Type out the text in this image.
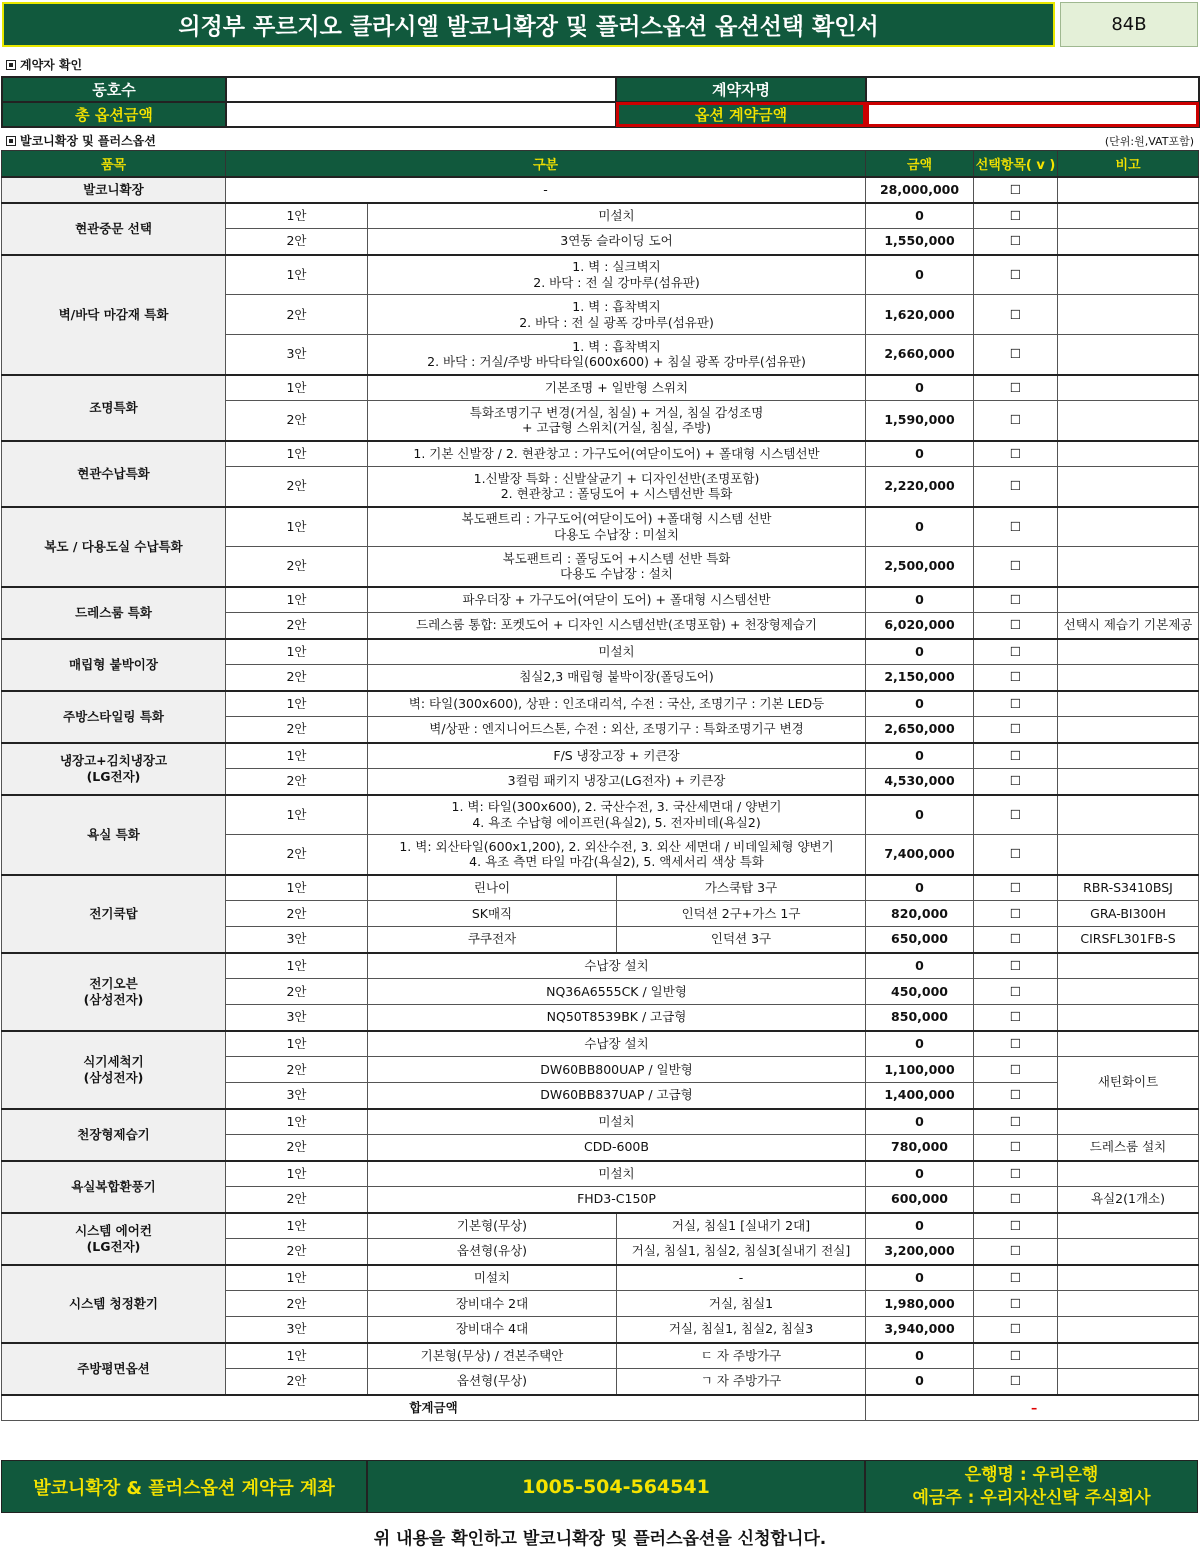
의정부 푸르지오 클라시엘 발코니확장 및 플러스옵션 옵션선택 확인서	84B
계약자 확인
동호수		계약자명	
총 옵션금액		옵션 계약금액	
발코니확장 및 플러스옵션	(단위:원,VAT포함)
품목	구분			금액	선택항목( v )	비고
발코니확장	-			28,000,000	☐	
현관중문 선택	1안	미설치		0	☐	
	2안	3연동 슬라이딩 도어		1,550,000	☐	
벽/바닥 마감재 특화	1안	1. 벽 : 실크벽지
2. 바닥 : 전 실 강마루(섬유판)		0	☐	
	2안	1. 벽 : 흡착벽지
2. 바닥 : 전 실 광폭 강마루(섬유판)		1,620,000	☐	
	3안	1. 벽 : 흡착벽지
2. 바닥 : 거실/주방 바닥타일(600x600) + 침실 광폭 강마루(섬유판)		2,660,000	☐	
조명특화	1안	기본조명 + 일반형 스위치		0	☐	
	2안	특화조명기구 변경(거실, 침실) + 거실, 침실 감성조명
+ 고급형 스위치(거실, 침실, 주방)		1,590,000	☐	
현관수납특화	1안	1. 기본 신발장 / 2. 현관창고 : 가구도어(여닫이도어) + 폴대형 시스템선반		0	☐	
	2안	1.신발장 특화 : 신발살균기 + 디자인선반(조명포함)
2. 현관창고 : 폴딩도어 + 시스템선반 특화		2,220,000	☐	
복도 / 다용도실 수납특화	1안	복도팬트리 : 가구도어(여닫이도어) +폴대형 시스템 선반
다용도 수납장 : 미설치		0	☐	
	2안	복도팬트리 : 폴딩도어 +시스템 선반 특화
다용도 수납장 : 설치		2,500,000	☐	
드레스룸 특화	1안	파우더장 + 가구도어(여닫이 도어) + 폴대형 시스템선반		0	☐	
	2안	드레스룸 통합: 포켓도어 + 디자인 시스템선반(조명포함) + 천장형제습기		6,020,000	☐	선택시 제습기 기본제공
매립형 붙박이장	1안	미설치		0	☐	
	2안	침실2,3 매립형 붙박이장(폴딩도어)		2,150,000	☐	
주방스타일링 특화	1안	벽: 타일(300x600), 상판 : 인조대리석, 수전 : 국산, 조명기구 : 기본 LED등		0	☐	
	2안	벽/상판 : 엔지니어드스톤, 수전 : 외산, 조명기구 : 특화조명기구 변경		2,650,000	☐	
냉장고+김치냉장고
(LG전자)	1안	F/S 냉장고장 + 키큰장		0	☐	
	2안	3컬럼 패키지 냉장고(LG전자) + 키큰장		4,530,000	☐	
욕실 특화	1안	1. 벽: 타일(300x600), 2. 국산수전, 3. 국산세면대 / 양변기
4. 욕조 수납형 에이프런(욕실2), 5. 전자비데(욕실2)		0	☐	
	2안	1. 벽: 외산타일(600x1,200), 2. 외산수전, 3. 외산 세면대 / 비데일체형 양변기
4. 욕조 측면 타일 마감(욕실2), 5. 액세서리 색상 특화		7,400,000	☐	
전기쿡탑	1안	린나이	가스쿡탑 3구	0	☐	RBR-S3410BSJ
	2안	SK매직	인덕션 2구+가스 1구	820,000	☐	GRA-BI300H
	3안	쿠쿠전자	인덕션 3구	650,000	☐	CIRSFL301FB-S
전기오븐
(삼성전자)	1안	수납장 설치		0	☐	
	2안	NQ36A6555CK / 일반형		450,000	☐	
	3안	NQ50T8539BK / 고급형		850,000	☐	
식기세척기
(삼성전자)	1안	수납장 설치		0	☐	
	2안	DW60BB800UAP / 일반형		1,100,000	☐	새틴화이트
	3안	DW60BB837UAP / 고급형		1,400,000	☐	
천장형제습기	1안	미설치		0	☐	
	2안	CDD-600B		780,000	☐	드레스룸 설치
욕실복합환풍기	1안	미설치		0	☐	
	2안	FHD3-C150P		600,000	☐	욕실2(1개소)
시스템 에어컨
(LG전자)	1안	기본형(무상)	거실, 침실1 [실내기 2대]	0	☐	
	2안	옵션형(유상)	거실, 침실1, 침실2, 침실3[실내기 전실]	3,200,000	☐	
시스템 청정환기	1안	미설치	-	0	☐	
	2안	장비대수 2대	거실, 침실1	1,980,000	☐	
	3안	장비대수 4대	거실, 침실1, 침실2, 침실3	3,940,000	☐	
주방평면옵션	1안	기본형(무상) / 견본주택안	ㄷ 자 주방가구	0	☐	
	2안	옵션형(무상)	ㄱ 자 주방가구	0	☐	
합계금액				–		
발코니확장 & 플러스옵션 계약금 계좌	1005-504-564541
은행명 : 우리은행
예금주 : 우리자산신탁 주식회사
위 내용을 확인하고 발코니확장 및 플러스옵션을 신청합니다.
